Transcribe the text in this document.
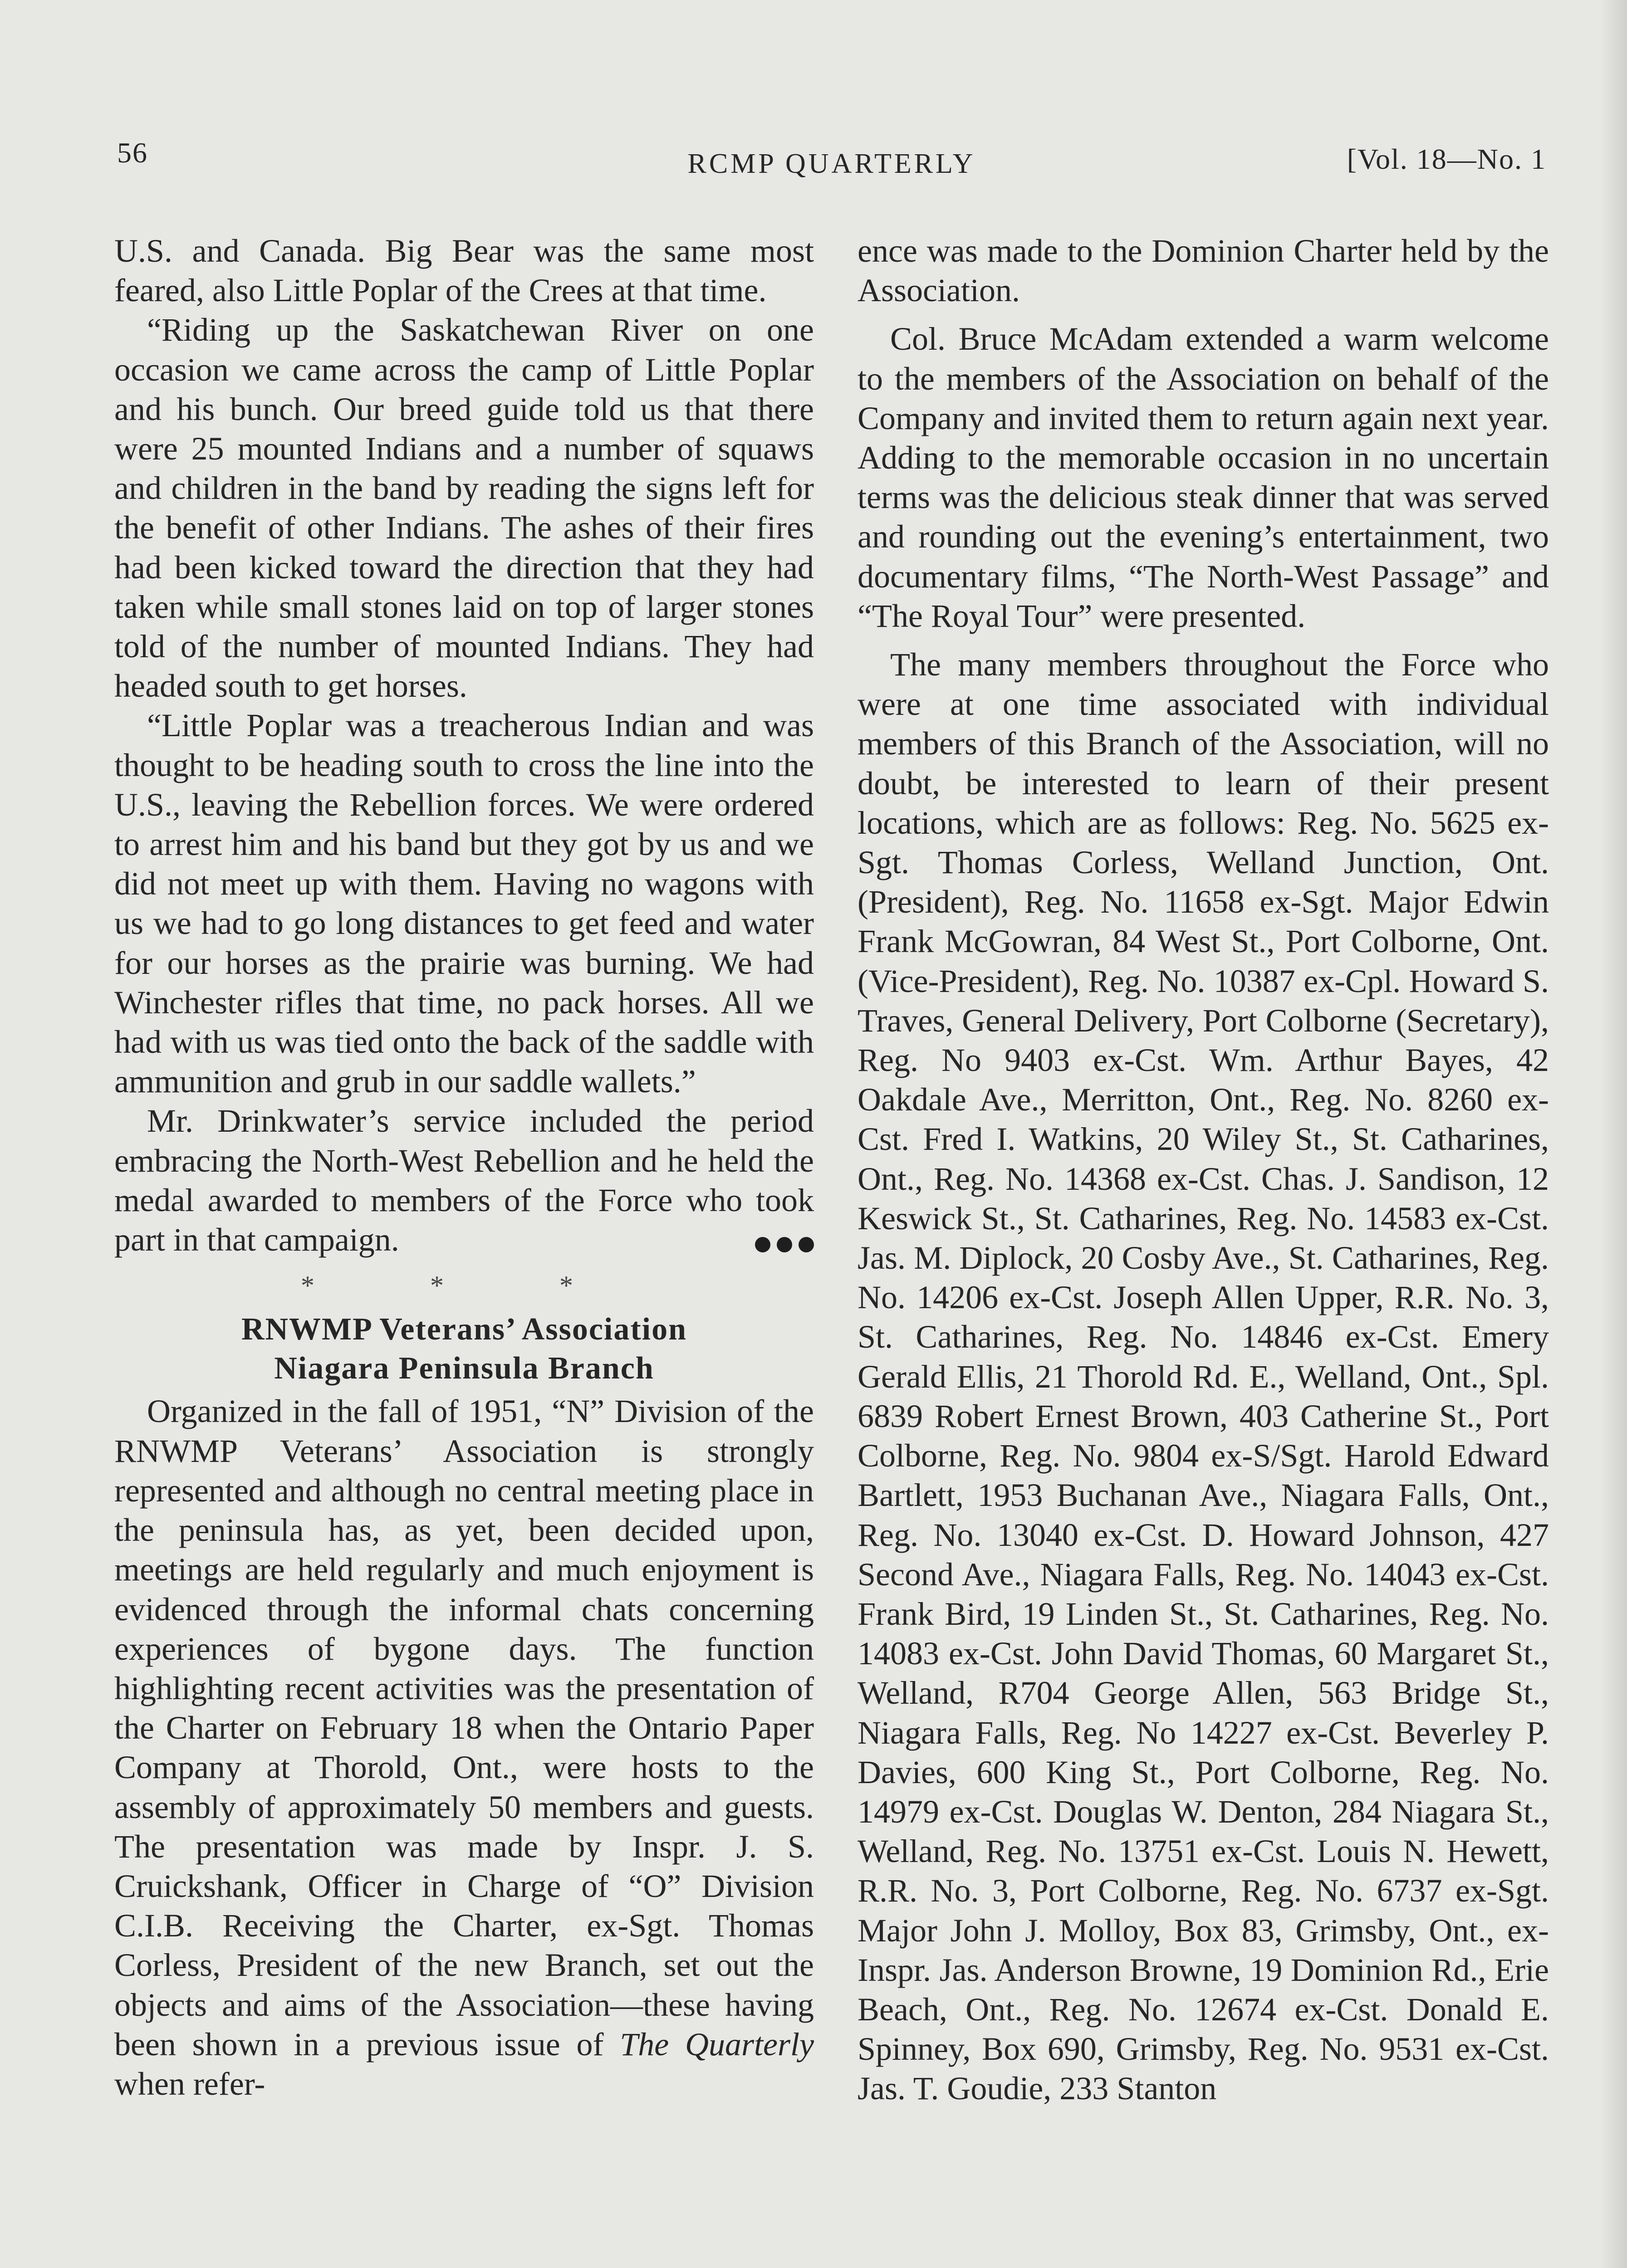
56	RCMP QUARTERLY	[Vol. 18—No. 1

U.S. and Canada. Big Bear was the same most feared, also Little Poplar of the Crees at that time.

“Riding up the Saskatchewan River on one occasion we came across the camp of Little Poplar and his bunch. Our breed guide told us that there were 25 mounted Indians and a number of squaws and children in the band by reading the signs left for the benefit of other Indians. The ashes of their fires had been kicked toward the direction that they had taken while small stones laid on top of larger stones told of the number of mounted Indians. They had headed south to get horses.

“Little Poplar was a treacherous Indian and was thought to be heading south to cross the line into the U.S., leaving the Rebellion forces. We were ordered to arrest him and his band but they got by us and we did not meet up with them. Having no wagons with us we had to go long distances to get feed and water for our horses as the prairie was burning. We had Winchester rifles that time, no pack horses. All we had with us was tied onto the back of the saddle with ammunition and grub in our saddle wallets.”

Mr. Drinkwater’s service included the period embracing the North-West Rebellion and he held the medal awarded to members of the Force who took part in that campaign.

* * *
RNWMP Veterans’ Association
Niagara Peninsula Branch

Organized in the fall of 1951, “N” Division of the RNWMP Veterans’ Association is strongly represented and although no central meeting place in the peninsula has, as yet, been decided upon, meetings are held regularly and much enjoyment is evidenced through the informal chats concerning experiences of bygone days. The function highlighting recent activities was the presentation of the Charter on February 18 when the Ontario Paper Company at Thorold, Ont., were hosts to the assembly of approximately 50 members and guests. The presentation was made by Inspr. J. S. Cruickshank, Officer in Charge of “O” Division C.I.B. Receiving the Charter, ex-Sgt. Thomas Corless, President of the new Branch, set out the objects and aims of the Association—these having been shown in a previous issue of The Quarterly when refer-

ence was made to the Dominion Charter held by the Association.

Col. Bruce McAdam extended a warm welcome to the members of the Association on behalf of the Company and invited them to return again next year. Adding to the memorable occasion in no uncertain terms was the delicious steak dinner that was served and rounding out the evening’s entertainment, two documentary films, “The North-West Passage” and “The Royal Tour” were presented.

The many members throughout the Force who were at one time associated with individual members of this Branch of the Association, will no doubt, be interested to learn of their present locations, which are as follows: Reg. No. 5625 ex-Sgt. Thomas Corless, Welland Junction, Ont. (President), Reg. No. 11658 ex-Sgt. Major Edwin Frank McGowran, 84 West St., Port Colborne, Ont. (Vice-President), Reg. No. 10387 ex-Cpl. Howard S. Traves, General Delivery, Port Colborne (Secretary), Reg. No 9403 ex-Cst. Wm. Arthur Bayes, 42 Oakdale Ave., Merritton, Ont., Reg. No. 8260 ex-Cst. Fred I. Watkins, 20 Wiley St., St. Catharines, Ont., Reg. No. 14368 ex-Cst. Chas. J. Sandison, 12 Keswick St., St. Catharines, Reg. No. 14583 ex-Cst. Jas. M. Diplock, 20 Cosby Ave., St. Catharines, Reg. No. 14206 ex-Cst. Joseph Allen Upper, R.R. No. 3, St. Catharines, Reg. No. 14846 ex-Cst. Emery Gerald Ellis, 21 Thorold Rd. E., Welland, Ont., Spl. 6839 Robert Ernest Brown, 403 Catherine St., Port Colborne, Reg. No. 9804 ex-S/Sgt. Harold Edward Bartlett, 1953 Buchanan Ave., Niagara Falls, Ont., Reg. No. 13040 ex-Cst. D. Howard Johnson, 427 Second Ave., Niagara Falls, Reg. No. 14043 ex-Cst. Frank Bird, 19 Linden St., St. Catharines, Reg. No. 14083 ex-Cst. John David Thomas, 60 Margaret St., Welland, R704 George Allen, 563 Bridge St., Niagara Falls, Reg. No 14227 ex-Cst. Beverley P. Davies, 600 King St., Port Colborne, Reg. No. 14979 ex-Cst. Douglas W. Denton, 284 Niagara St., Welland, Reg. No. 13751 ex-Cst. Louis N. Hewett, R.R. No. 3, Port Colborne, Reg. No. 6737 ex-Sgt. Major John J. Molloy, Box 83, Grimsby, Ont., ex-Inspr. Jas. Anderson Browne, 19 Dominion Rd., Erie Beach, Ont., Reg. No. 12674 ex-Cst. Donald E. Spinney, Box 690, Grimsby, Reg. No. 9531 ex-Cst. Jas. T. Goudie, 233 Stanton
